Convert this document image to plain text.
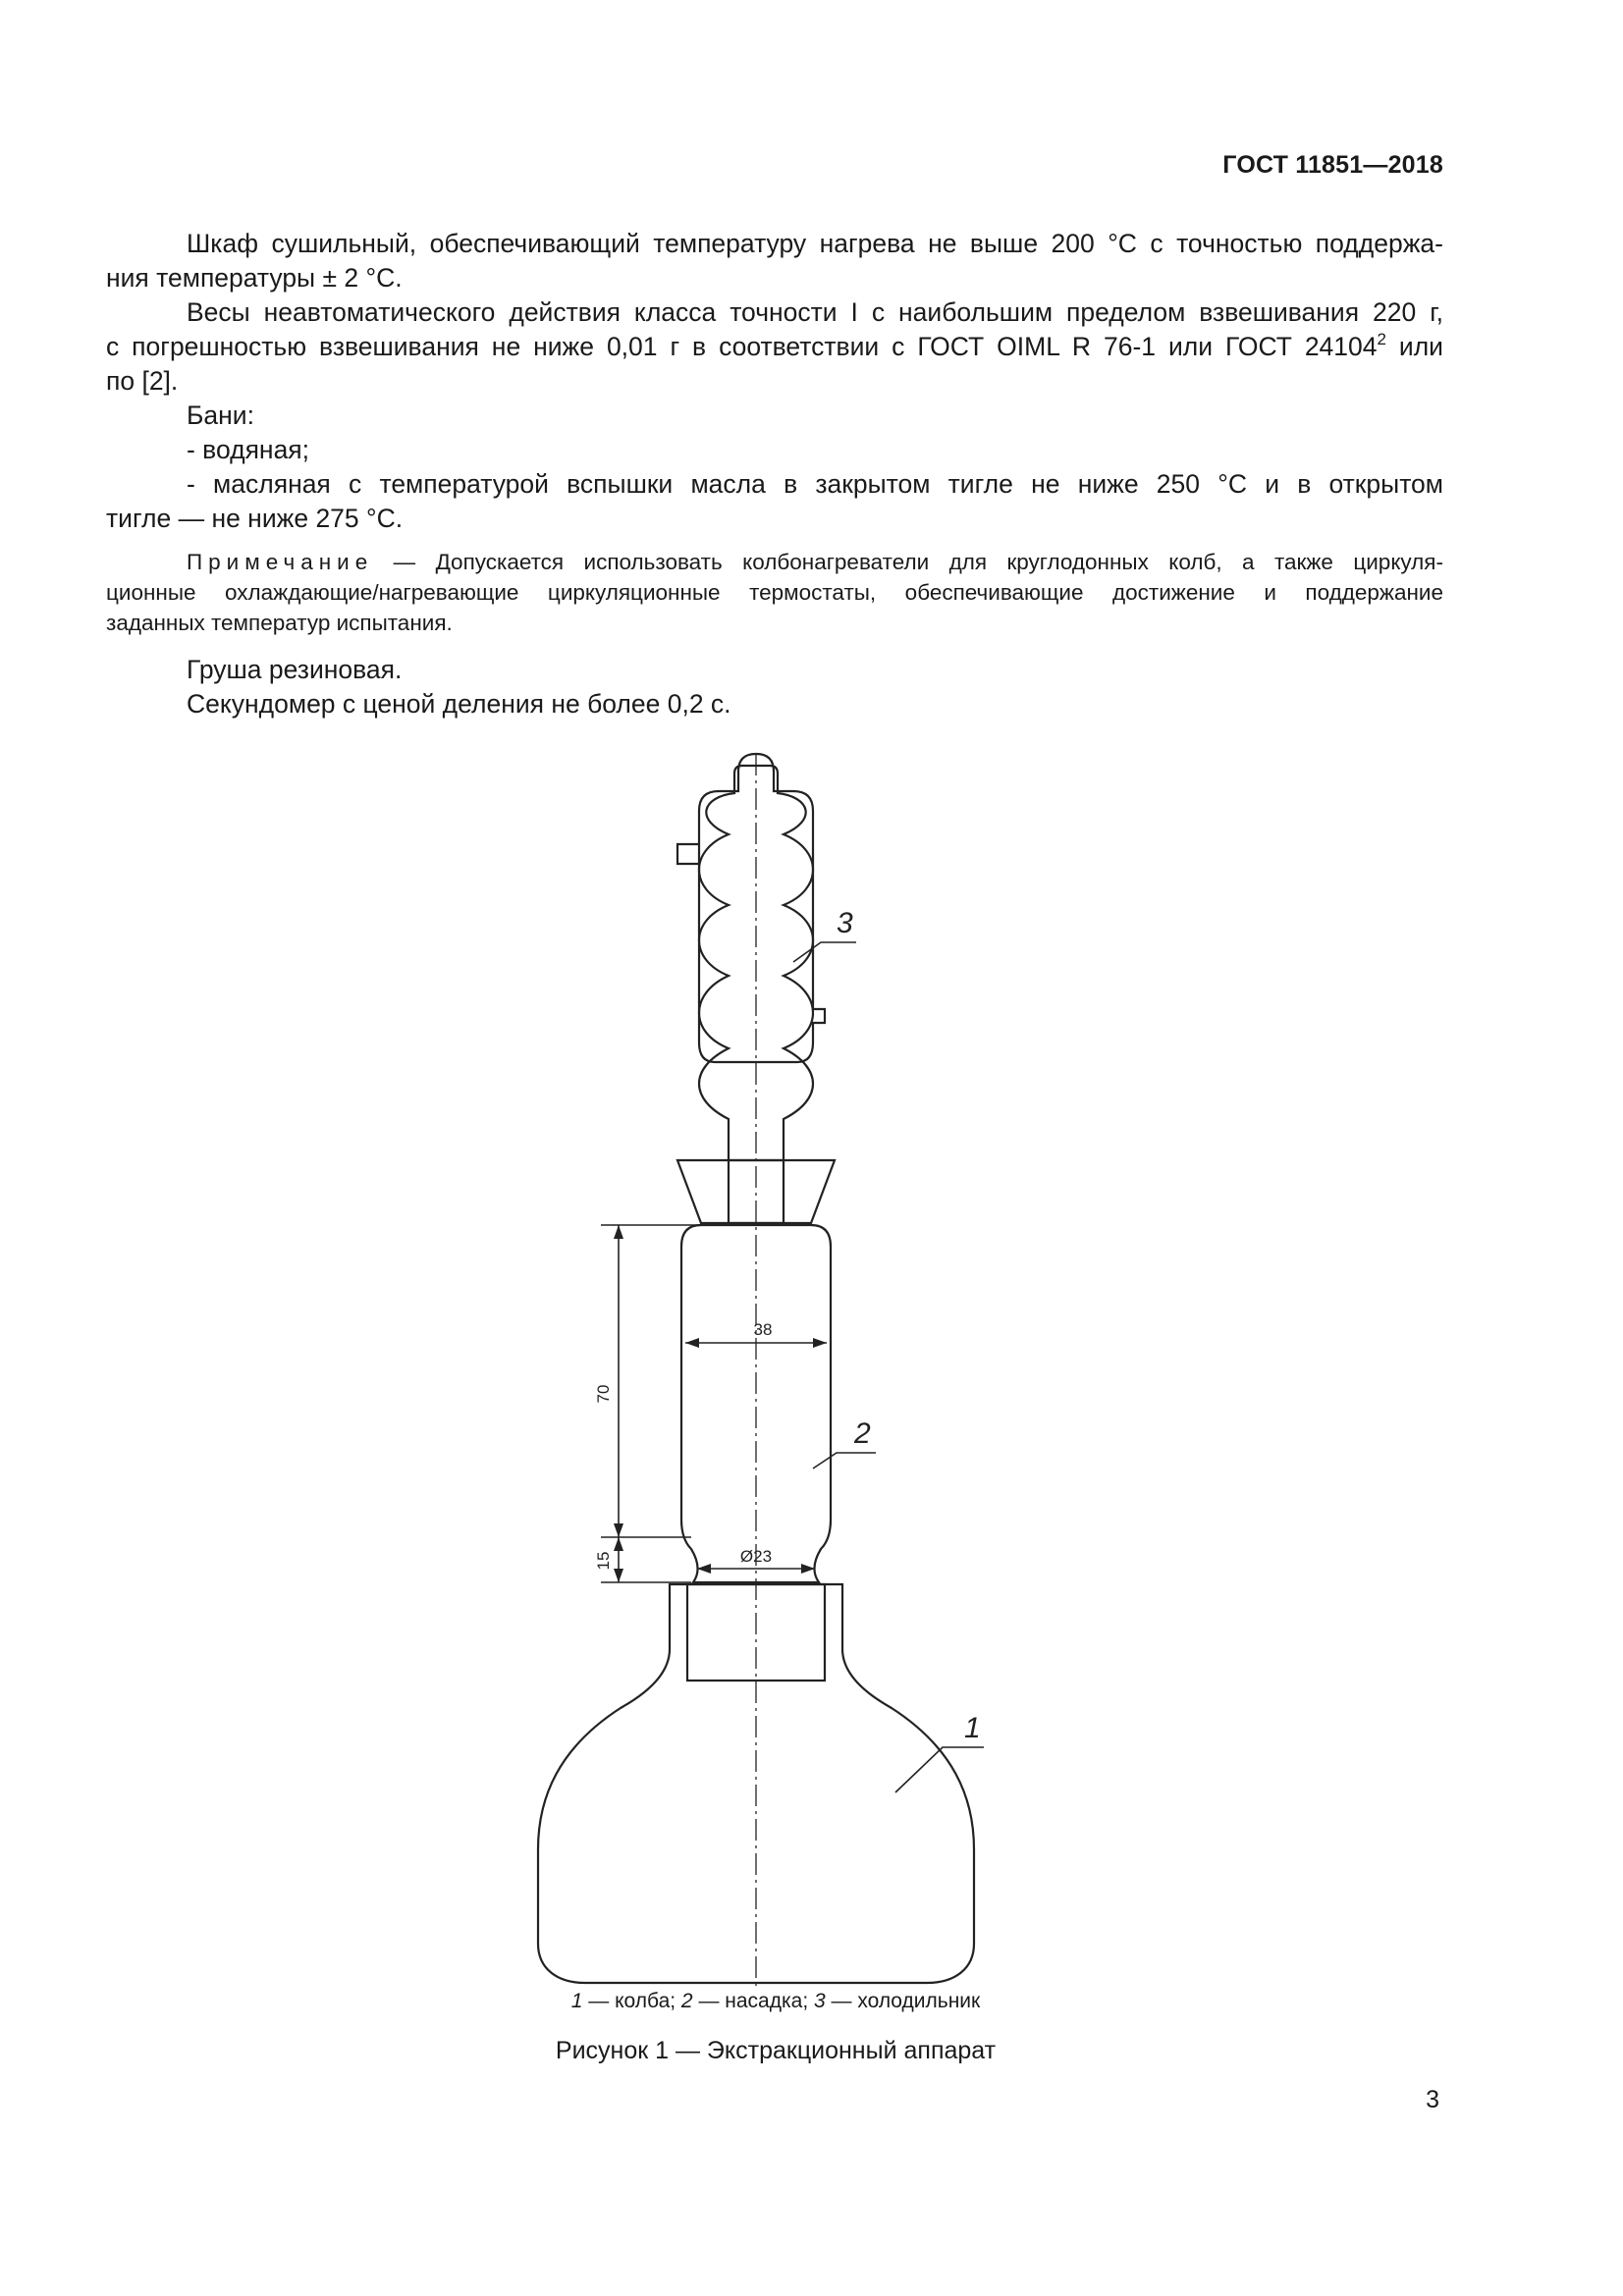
ГОСТ 11851—2018
Шкаф сушильный, обеспечивающий температуру нагрева не выше 200 °C с точностью поддержа-
ния температуры ± 2 °C.
Весы неавтоматического действия класса точности I с наибольшим пределом взвешивания 220 г,
с погрешностью взвешивания не ниже 0,01 г в соответствии с ГОСТ OIML R 76-1 или ГОСТ 24104$^2$ или
по [2].
Бани:
- водяная;
- масляная с температурой вспышки масла в закрытом тигле не ниже 250 °C и в открытом
тигле — не ниже 275 °C.
Примечание — Допускается использовать колбонагреватели для круглодонных колб, а также циркуля-
ционные охлаждающие/нагревающие циркуляционные термостаты, обеспечивающие достижение и поддержание
заданных температур испытания.
Груша резиновая.
Секундомер с ценой деления не более 0,2 с.
38
Ø23
70
15
3
2
1
1 — колба; 2 — насадка; 3 — холодильник
Рисунок 1 — Экстракционный аппарат
3
